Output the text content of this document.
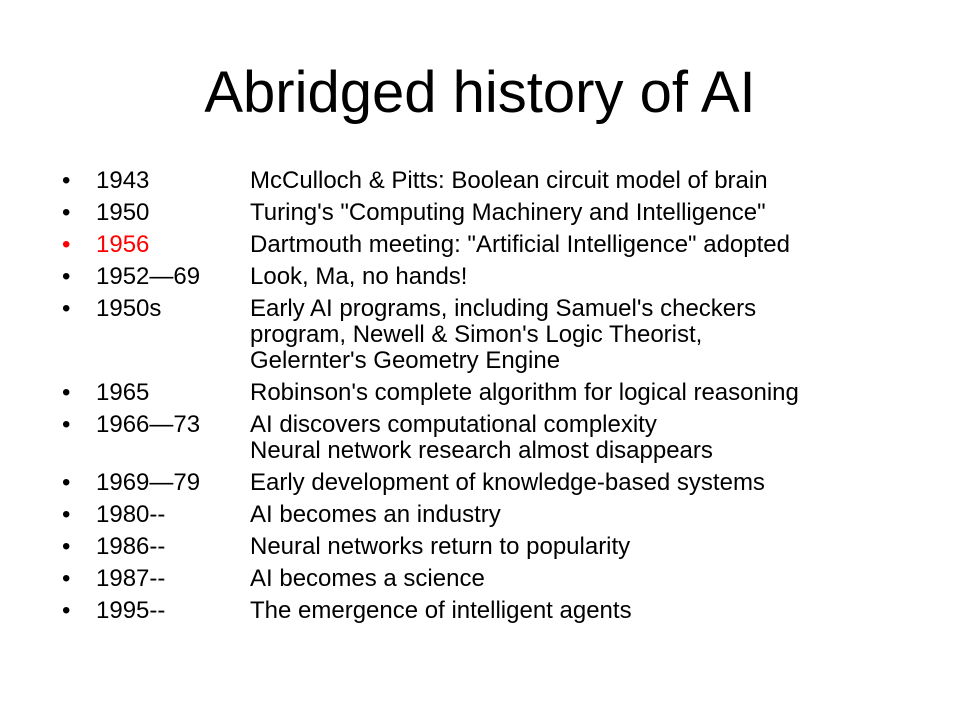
Abridged history of AI
• 1943	McCulloch & Pitts: Boolean circuit model of brain
• 1950	Turing's "Computing Machinery and Intelligence"
• 1956	Dartmouth meeting: "Artificial Intelligence" adopted
• 1952—69 Look, Ma, no hands!
• 1950s	Early AI programs, including Samuel's checkers
program, Newell & Simon's Logic Theorist,
Gelernter's Geometry Engine
• 1965	Robinson's complete algorithm for logical reasoning
• 1966—73 AI discovers computational complexity
Neural network research almost disappears
• 1969—79 Early development of knowledge-based systems
• 1980--	AI becomes an industry
• 1986--	Neural networks return to popularity
• 1987--	AI becomes a science
• 1995--	The emergence of intelligent agents
